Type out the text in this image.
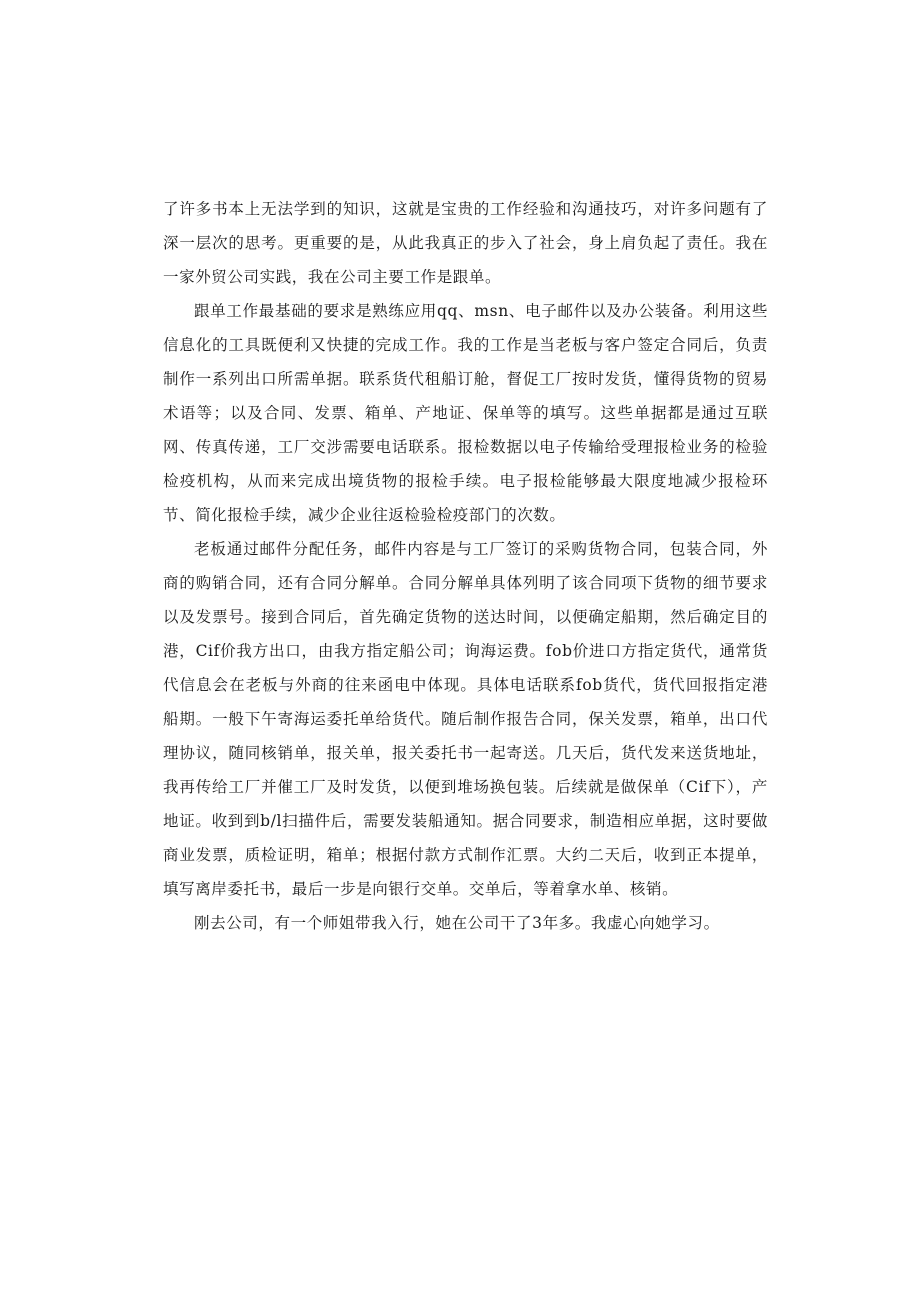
了许多书本上无法学到的知识，这就是宝贵的工作经验和沟通技巧，对许多问题有了深一层次的思考。更重要的是，从此我真正的步入了社会，身上肩负起了责任。我在一家外贸公司实践，我在公司主要工作是跟单。

跟单工作最基础的要求是熟练应用qq、msn、电子邮件以及办公装备。利用这些信息化的工具既便利又快捷的完成工作。我的工作是当老板与客户签定合同后，负责制作一系列出口所需单据。联系货代租船订舱，督促工厂按时发货，懂得货物的贸易术语等；以及合同、发票、箱单、产地证、保单等的填写。这些单据都是通过互联网、传真传递，工厂交涉需要电话联系。报检数据以电子传输给受理报检业务的检验检疫机构，从而来完成出境货物的报检手续。电子报检能够最大限度地减少报检环节、简化报检手续，减少企业往返检验检疫部门的次数。

老板通过邮件分配任务，邮件内容是与工厂签订的采购货物合同，包装合同，外商的购销合同，还有合同分解单。合同分解单具体列明了该合同项下货物的细节要求以及发票号。接到合同后，首先确定货物的送达时间，以便确定船期，然后确定目的港，Cif价我方出口，由我方指定船公司；询海运费。fob价进口方指定货代，通常货代信息会在老板与外商的往来函电中体现。具体电话联系fob货代，货代回报指定港船期。一般下午寄海运委托单给货代。随后制作报告合同，保关发票，箱单，出口代理协议，随同核销单，报关单，报关委托书一起寄送。几天后，货代发来送货地址，我再传给工厂并催工厂及时发货，以便到堆场换包装。后续就是做保单（Cif下），产地证。收到到b/l扫描件后，需要发装船通知。据合同要求，制造相应单据，这时要做商业发票，质检证明，箱单；根据付款方式制作汇票。大约二天后，收到正本提单，填写离岸委托书，最后一步是向银行交单。交单后，等着拿水单、核销。

刚去公司，有一个师姐带我入行，她在公司干了3年多。我虚心向她学习。
